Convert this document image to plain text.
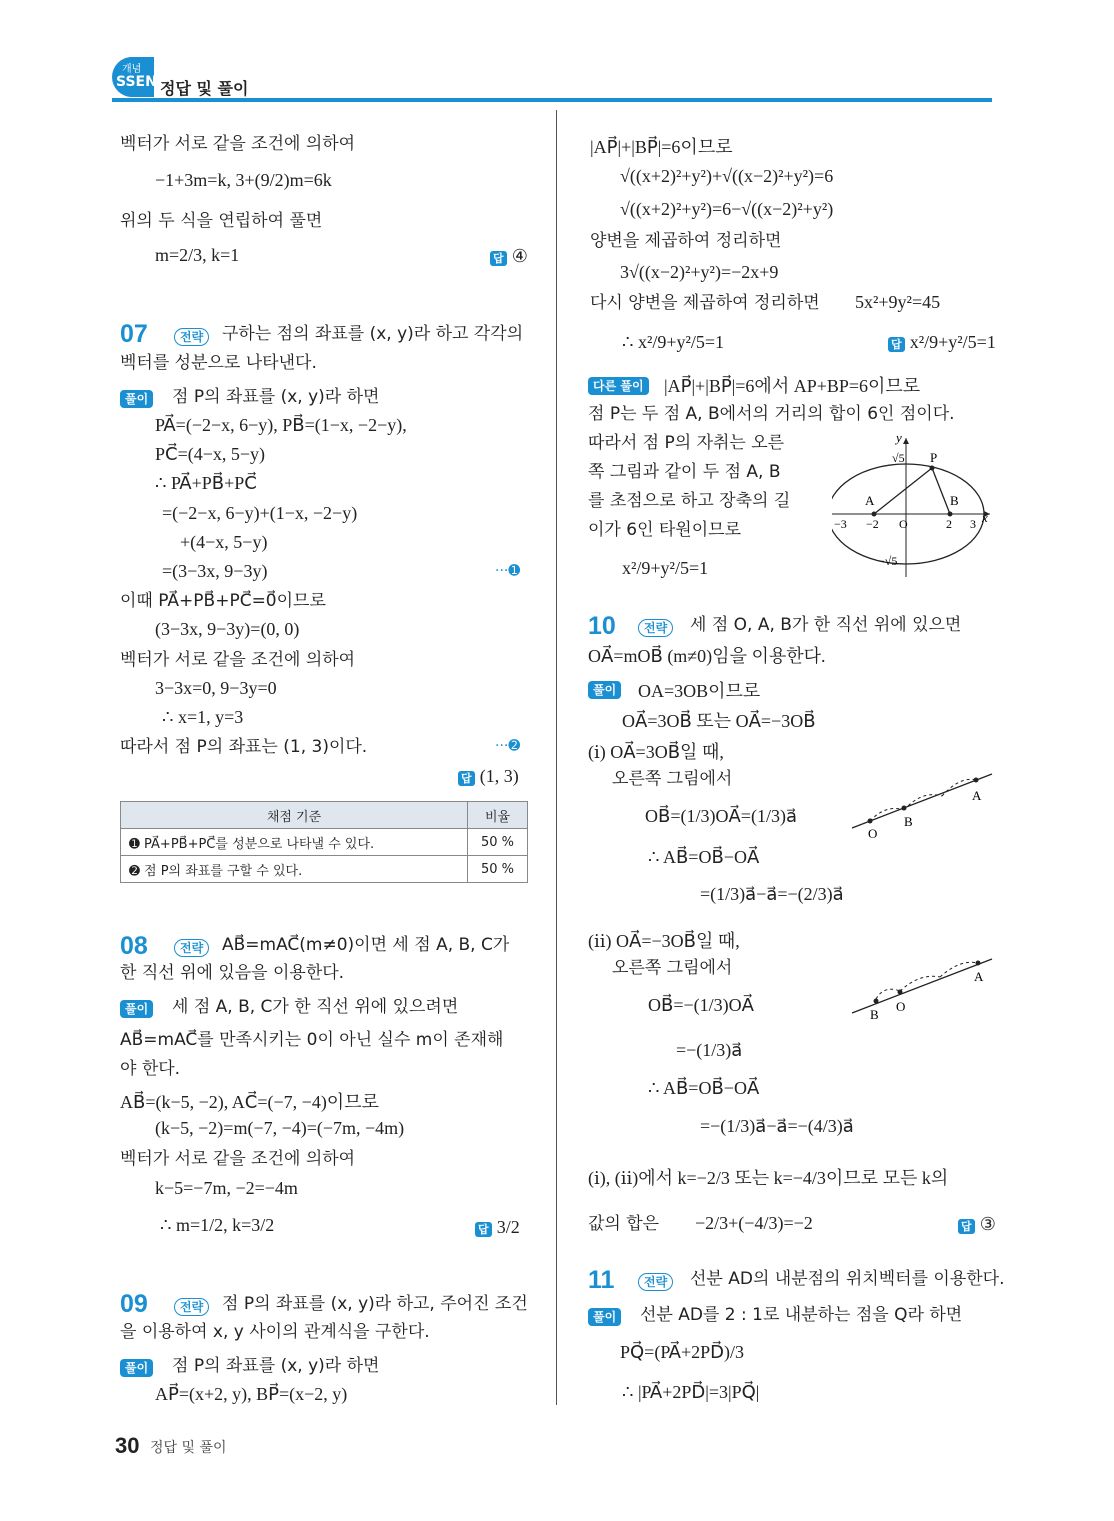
개념
SSEN 정답 및 풀이
벡터가 서로 같을 조건에 의하여
−1+3m=k, 3+(9/2)m=6k
위의 두 식을 연립하여 풀면
m=2/3, k=1	답 ④
07	전략	구하는 점의 좌표를 (x, y)라 하고 각각의
벡터를 성분으로 나타낸다.
풀이 점 P의 좌표를 (x, y)라 하면
PA⃗=(−2−x, 6−y), PB⃗=(1−x, −2−y),
PC⃗=(4−x, 5−y)
∴ PA⃗+PB⃗+PC⃗
=(−2−x, 6−y)+(1−x, −2−y)
+(4−x, 5−y)
=(3−3x, 9−3y)	···➊
이때 PA⃗+PB⃗+PC⃗=0⃗이므로
(3−3x, 9−3y)=(0, 0)
벡터가 서로 같을 조건에 의하여
3−3x=0, 9−3y=0
∴ x=1, y=3
따라서 점 P의 좌표는 (1, 3)이다.	···➋
답 (1, 3)
채점 기준	비율
➊ PA⃗+PB⃗+PC⃗를 성분으로 나타낼 수 있다.	50 %
➋ 점 P의 좌표를 구할 수 있다.	50 %
08	전략	AB⃗=mAC⃗(m≠0)이면 세 점 A, B, C가
한 직선 위에 있음을 이용한다.
풀이 세 점 A, B, C가 한 직선 위에 있으려면
AB⃗=mAC⃗를 만족시키는 0이 아닌 실수 m이 존재해
야 한다.
AB⃗=(k−5, −2), AC⃗=(−7, −4)이므로
(k−5, −2)=m(−7, −4)=(−7m, −4m)
벡터가 서로 같을 조건에 의하여
k−5=−7m, −2=−4m
∴ m=1/2, k=3/2	답 3/2
09	전략	점 P의 좌표를 (x, y)라 하고, 주어진 조건
을 이용하여 x, y 사이의 관계식을 구한다.
풀이 점 P의 좌표를 (x, y)라 하면
AP⃗=(x+2, y), BP⃗=(x−2, y)
|AP⃗|+|BP⃗|=6이므로
√((x+2)²+y²)+√((x−2)²+y²)=6
√((x+2)²+y²)=6−√((x−2)²+y²)
양변을 제곱하여 정리하면
3√((x−2)²+y²)=−2x+9
다시 양변을 제곱하여 정리하면 5x²+9y²=45
∴ x²/9+y²/5=1	답 x²/9+y²/5=1
다른 풀이 |AP⃗|+|BP⃗|=6에서 AP+BP=6이므로
점 P는 두 점 A, B에서의 거리의 합이 6인 점이다.
따라서 점 P의 자취는 오른
쪽 그림과 같이 두 점 A, B
를 초점으로 하고 장축의 길
이가 6인 타원이므로
x²/9+y²/5=1
y
x
√5
−√5
P
A	B
O
−3 −2	2 3
10	전략	세 점 O, A, B가 한 직선 위에 있으면
OA⃗=mOB⃗ (m≠0)임을 이용한다.
풀이 OA=3OB이므로
OA⃗=3OB⃗ 또는 OA⃗=−3OB⃗
(ⅰ) OA⃗=3OB⃗일 때,
오른쪽 그림에서
OB⃗=(1/3)OA⃗=(1/3)a⃗
∴ AB⃗=OB⃗−OA⃗
=(1/3)a⃗−a⃗=−(2/3)a⃗
O
B
A
(ⅱ) OA⃗=−3OB⃗일 때,
오른쪽 그림에서
OB⃗=−(1/3)OA⃗
=−(1/3)a⃗
∴ AB⃗=OB⃗−OA⃗
=−(1/3)a⃗−a⃗=−(4/3)a⃗
B
O
A
(ⅰ), (ⅱ)에서 k=−2/3 또는 k=−4/3이므로 모든 k의
값의 합은 −2/3+(−4/3)=−2	답 ③
11	전략	선분 AD의 내분점의 위치벡터를 이용한다.
풀이 선분 AD를 2 : 1로 내분하는 점을 Q라 하면
PQ⃗=(PA⃗+2PD⃗)/3
∴ |PA⃗+2PD⃗|=3|PQ⃗|
30 정답 및 풀이
